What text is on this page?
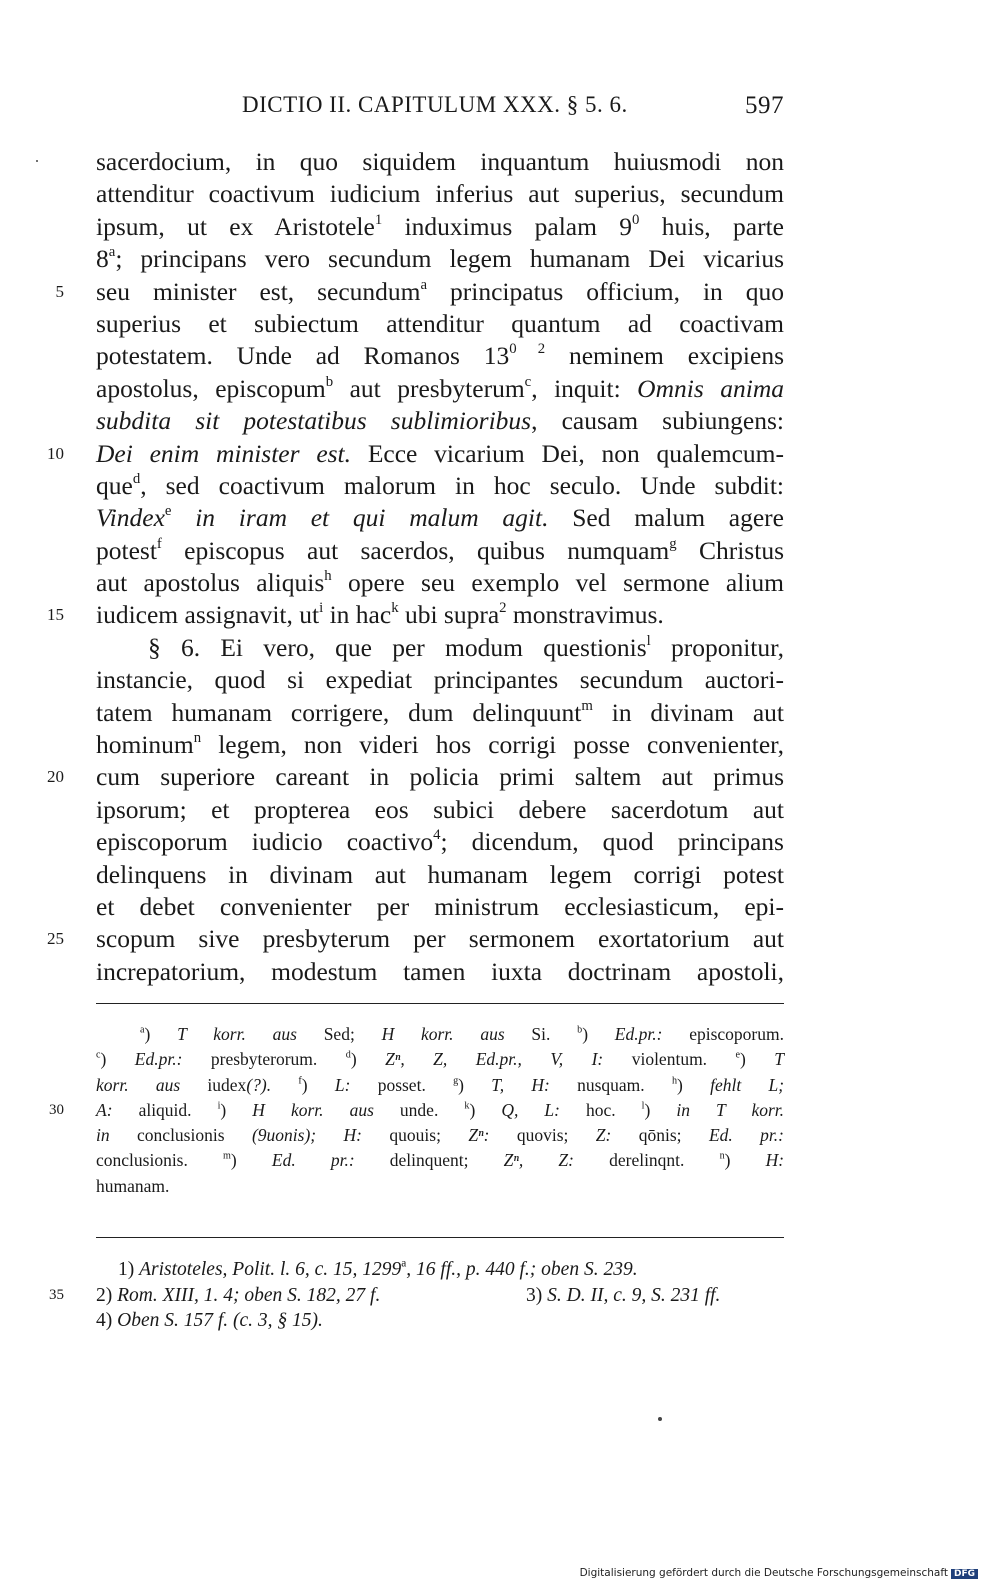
DICTIO II. CAPITULUM XXX. § 5. 6.	597
sacerdocium, in quo siquidem inquantum huiusmodi non
attenditur coactivum iudicium inferius aut superius, secundum
ipsum, ut ex Aristotele$^1$ induximus palam $9^0$ huis, parte
8$^a$; principans vero secundum legem humanam Dei vicarius
5 seu minister est, secundum$^a$ principatus officium, in quo
superius et subiectum attenditur quantum ad coactivam
potestatem. Unde ad Romanos $13^0$ $^2$ neminem excipiens
apostolus, episcopum$^b$ aut presbyterum$^c$, inquit: Omnis anima
subdita sit potestatibus sublimioribus, causam subiungens:
10 Dei enim minister est. Ecce vicarium Dei, non qualemcum-
que$^d$, sed coactivum malorum in hoc seculo. Unde subdit:
Vindex$^e$ in iram et qui malum agit. Sed malum agere
potest$^f$ episcopus aut sacerdos, quibus numquam$^g$ Christus
aut apostolus aliquis$^h$ opere seu exemplo vel sermone alium
15 iudicem assignavit, $ut^i$ in hac$^k$ ubi supra$^2$ monstravimus.
§ 6. Ei vero, que per modum questionis$^l$ proponitur,
instancie, quod si expediat principantes secundum auctori-
tatem humanam corrigere, dum delinquunt$^m$ in divinam aut
hominum$^n$ legem, non videri hos corrigi posse convenienter,
20 cum superiore careant in policia primi saltem aut primus
ipsorum; et propterea eos subici debere sacerdotum aut
episcoporum iudicio coactivo$^4$; dicendum, quod principans
delinquens in divinam aut humanam legem corrigi potest
et debet convenienter per ministrum ecclesiasticum, epi-
25 scopum sive presbyterum per sermonem exortatorium aut
increpatorium, modestum tamen iuxta doctrinam apostoli,
$^a$) T korr. aus Sed; H korr. aus Si.	$^b$) Ed.pr.: episcoporum.
$^c$) Ed.pr.: presbyterorum.	$^d$) Zⁿ, Z, Ed.pr., V, I: violentum.	$^e$) T
korr. aus iudex(?).	$^f$) L: posset.	$^g$) T, H: nusquam.	$^h$) fehlt L;
30 A: aliquid.	$^i$) H korr. aus unde.	$^k$) Q, L: hoc.	$^l$) in T korr.
in conclusionis (9uonis); H: quouis; Zⁿ: quovis; Z: qōnis; Ed. pr.:
conclusionis.	$^m$) Ed. pr.: delinquent; Zⁿ, Z: derelinqnt.	$^n$) H:
humanam.
1) Aristoteles, Polit. l. 6, c. 15, 1299$^a$, 16 ff., p. 440 f.; oben S. 239.
35 2) Rom. XIII, 1. 4; oben S. 182, 27 f.	3) S. D. II, c. 9, S. 231 ff.
4) Oben S. 157 f. (c. 3, § 15).
Digitalisierung gefördert durch die Deutsche Forschungsgemeinschaft DFG
